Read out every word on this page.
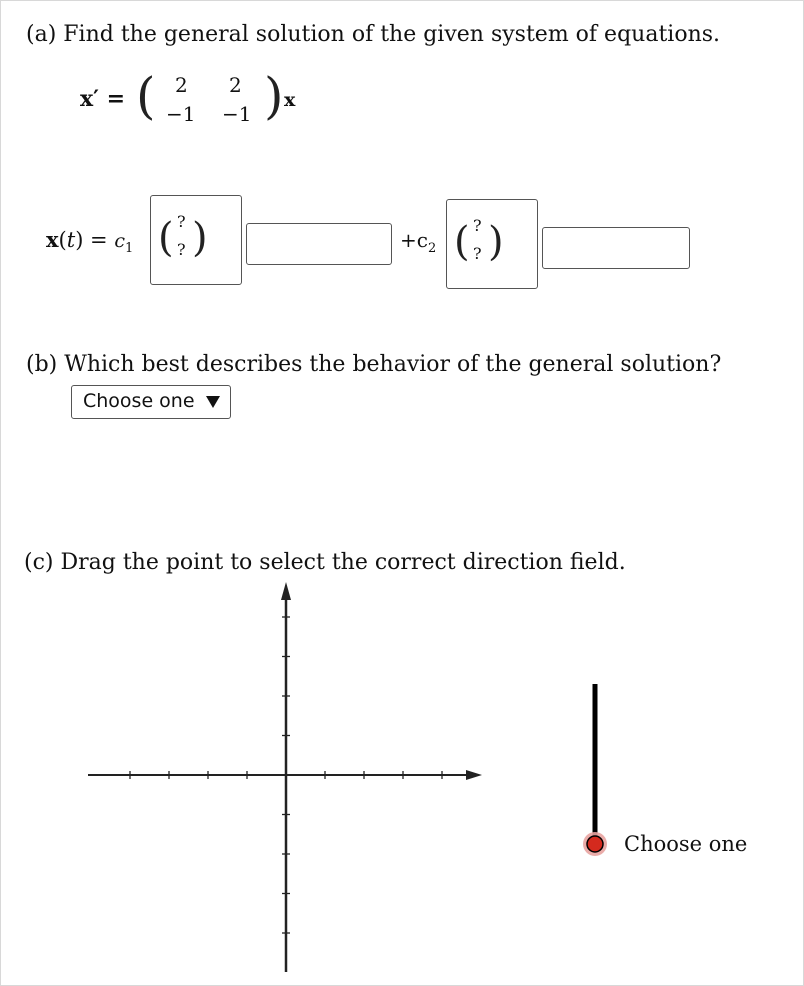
(a) Find the general solution of the given system of equations.
x′ = ( 2 2
−1 −1 ) x
$x(t) = c_1$ ( ?
? )	$+c_2$ ( ?
? )
(b) Which best describes the behavior of the general solution?
Choose one
(c) Drag the point to select the correct direction field.
Choose one
